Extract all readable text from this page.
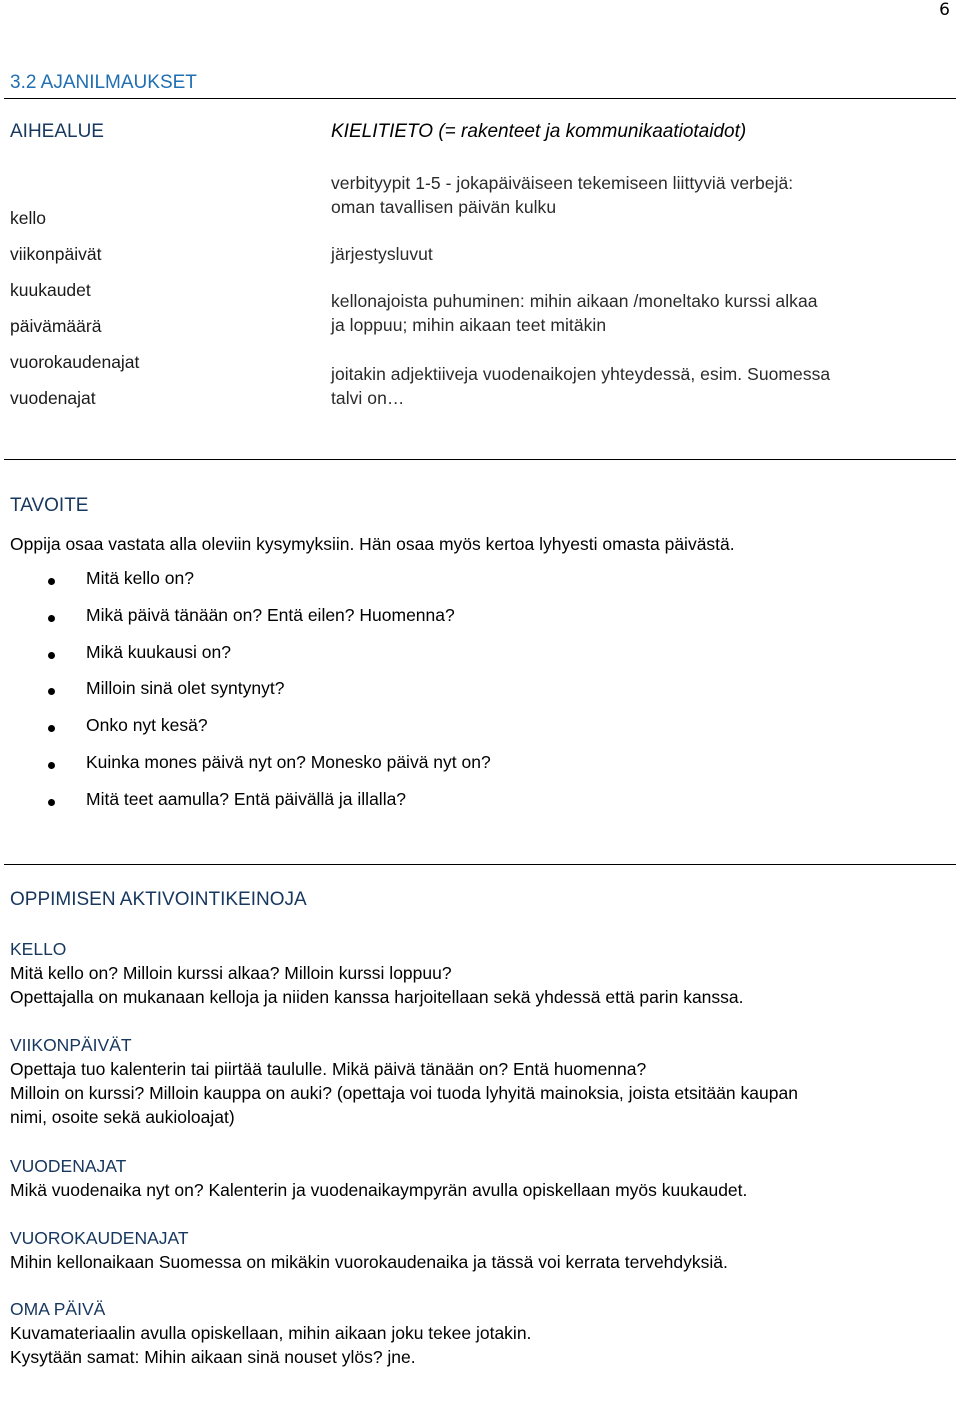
6
3.2 AJANILMAUKSET
AIHEALUE	KIELITIETO (= rakenteet ja kommunikaatiotaidot)
kello
viikonpäivät
kuukaudet
päivämäärä
vuorokaudenajat
vuodenajat
verbityypit 1-5 - jokapäiväiseen tekemiseen liittyviä verbejä:
oman tavallisen päivän kulku
järjestysluvut
kellonajoista puhuminen: mihin aikaan /moneltako kurssi alkaa
ja loppuu; mihin aikaan teet mitäkin
joitakin adjektiiveja vuodenaikojen yhteydessä, esim. Suomessa
talvi on…
TAVOITE
Oppija osaa vastata alla oleviin kysymyksiin. Hän osaa myös kertoa lyhyesti omasta päivästä.
Mitä kello on?
Mikä päivä tänään on? Entä eilen? Huomenna?
Mikä kuukausi on?
Milloin sinä olet syntynyt?
Onko nyt kesä?
Kuinka mones päivä nyt on? Monesko päivä nyt on?
Mitä teet aamulla? Entä päivällä ja illalla?
OPPIMISEN AKTIVOINTIKEINOJA
KELLO
Mitä kello on? Milloin kurssi alkaa? Milloin kurssi loppuu?
Opettajalla on mukanaan kelloja ja niiden kanssa harjoitellaan sekä yhdessä että parin kanssa.
VIIKONPÄIVÄT
Opettaja tuo kalenterin tai piirtää taululle. Mikä päivä tänään on? Entä huomenna?
Milloin on kurssi? Milloin kauppa on auki? (opettaja voi tuoda lyhyitä mainoksia, joista etsitään kaupan
nimi, osoite sekä aukioloajat)
VUODENAJAT
Mikä vuodenaika nyt on? Kalenterin ja vuodenaikaympyrän avulla opiskellaan myös kuukaudet.
VUOROKAUDENAJAT
Mihin kellonaikaan Suomessa on mikäkin vuorokaudenaika ja tässä voi kerrata tervehdyksiä.
OMA PÄIVÄ
Kuvamateriaalin avulla opiskellaan, mihin aikaan joku tekee jotakin.
Kysytään samat: Mihin aikaan sinä nouset ylös? jne.
